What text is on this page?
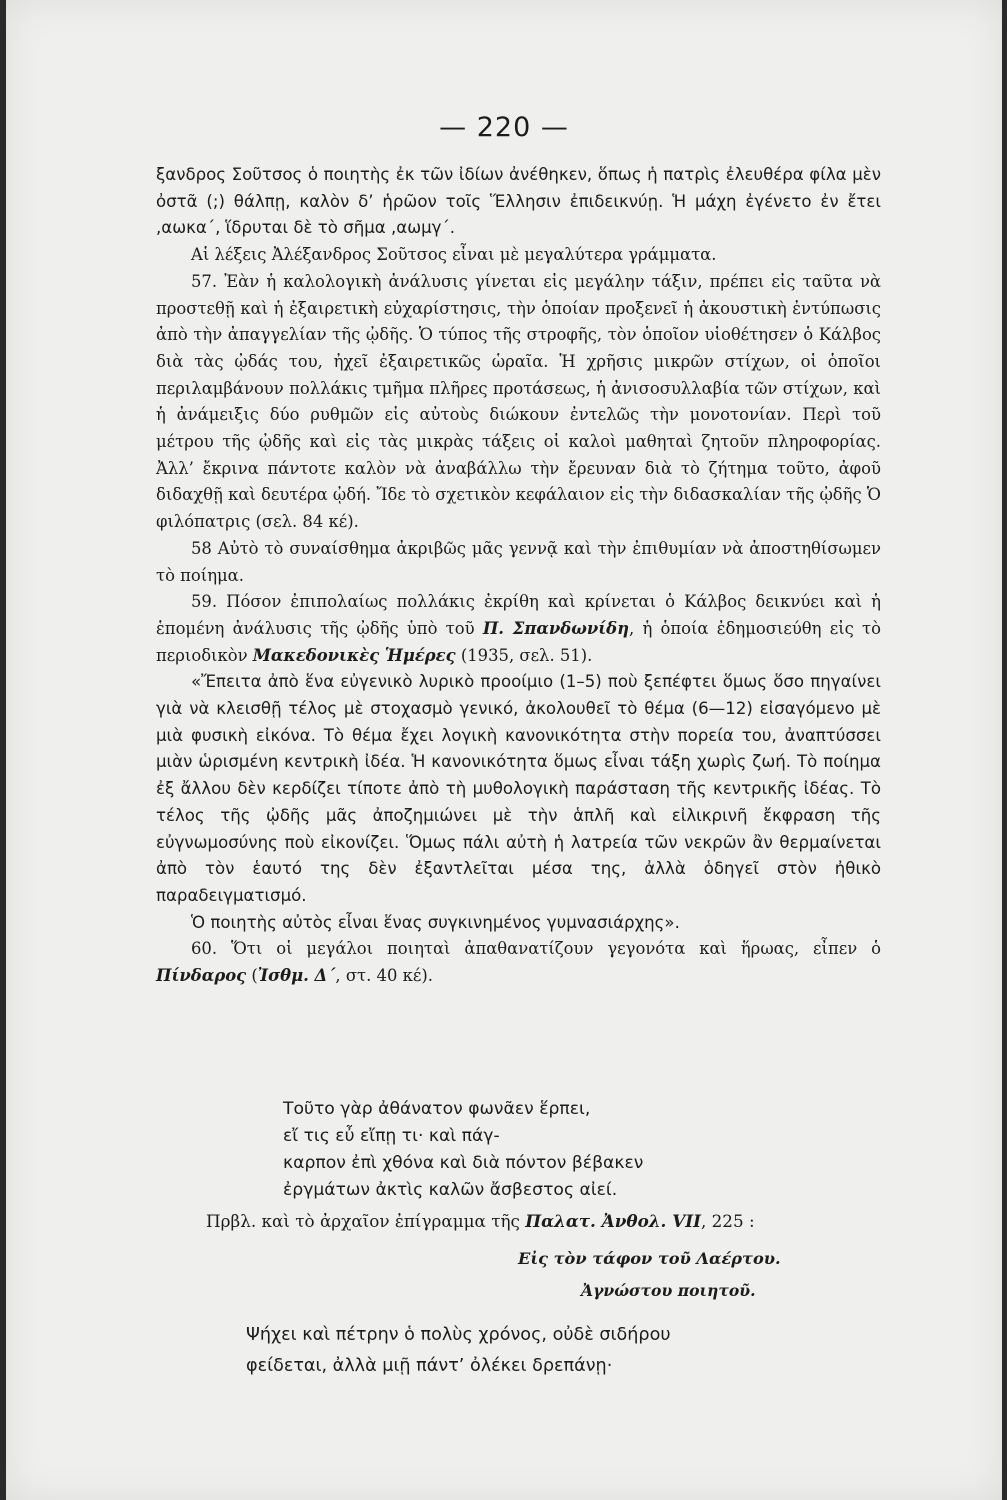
— 220 —

ξανδρος Σοῦτσος ὁ ποιητὴς ἐκ τῶν ἰδίων ἀνέθηκεν, ὅπως ἡ πατρὶς ἐλευθέρα φίλα μὲν ὀστᾶ (;) θάλπῃ, καλὸν δ’ ἡρῶον τοῖς Ἕλλησιν ἐπιδεικνύῃ. Ἡ μάχη ἐγένετο ἐν ἔτει ,αωκα΄, ἵδρυται δὲ τὸ σῆμα ,αωμγ΄.

Αἱ λέξεις Ἀλέξανδρος Σοῦτσος εἶναι μὲ μεγαλύτερα γράμματα.

57. Ἐὰν ἡ καλολογικὴ ἀνάλυσις γίνεται εἰς μεγάλην τάξιν, πρέπει εἰς ταῦτα νὰ προστεθῇ καὶ ἡ ἐξαιρετικὴ εὐχαρίστησις, τὴν ὁποίαν προξενεῖ ἡ ἀκουστικὴ ἐντύπωσις ἀπὸ τὴν ἀπαγγελίαν τῆς ᾠδῆς. Ὁ τύπος τῆς στροφῆς, τὸν ὁποῖον υἱοθέτησεν ὁ Κάλβος διὰ τὰς ᾠδάς του, ἠχεῖ ἐξαιρετικῶς ὡραῖα. Ἡ χρῆσις μικρῶν στίχων, οἱ ὁποῖοι περιλαμβάνουν πολλάκις τμῆμα πλῆρες προτάσεως, ἡ ἀνισοσυλλαβία τῶν στίχων, καὶ ἡ ἀνάμειξις δύο ρυθμῶν εἰς αὐτοὺς διώκουν ἐντελῶς τὴν μονοτονίαν. Περὶ τοῦ μέτρου τῆς ᾠδῆς καὶ εἰς τὰς μικρὰς τάξεις οἱ καλοὶ μαθηταὶ ζητοῦν πληροφορίας. Ἀλλ’ ἔκρινα πάντοτε καλὸν νὰ ἀναβάλλω τὴν ἔρευναν διὰ τὸ ζήτημα τοῦτο, ἀφοῦ διδαχθῇ καὶ δευτέρα ᾠδή. Ἴδε τὸ σχετικὸν κεφάλαιον εἰς τὴν διδασκαλίαν τῆς ᾠδῆς Ὁ φιλόπατρις (σελ. 84 κέ).

58 Αὐτὸ τὸ συναίσθημα ἀκριβῶς μᾶς γεννᾷ καὶ τὴν ἐπιθυμίαν νὰ ἀποστηθίσωμεν τὸ ποίημα.

59. Πόσον ἐπιπολαίως πολλάκις ἐκρίθη καὶ κρίνεται ὁ Κάλβος δεικνύει καὶ ἡ ἑπομένη ἀνάλυσις τῆς ᾠδῆς ὑπὸ τοῦ Π. Σπανδωνίδη, ἡ ὁποία ἐδημοσιεύθη εἰς τὸ περιοδικὸν Μακεδονικὲς Ἡμέρες (1935, σελ. 51).

«Ἔπειτα ἀπὸ ἕνα εὐγενικὸ λυρικὸ προοίμιο (1–5) ποὺ ξεπέφτει ὅμως ὅσο πηγαίνει γιὰ νὰ κλεισθῇ τέλος μὲ στοχασμὸ γενικό, ἀκολουθεῖ τὸ θέμα (6—12) εἰσαγόμενο μὲ μιὰ φυσικὴ εἰκόνα. Τὸ θέμα ἔχει λογικὴ κανονικότητα στὴν πορεία του, ἀναπτύσσει μιὰν ὡρισμένη κεντρικὴ ἰδέα. Ἡ κανονικότητα ὅμως εἶναι τάξη χωρὶς ζωή. Τὸ ποίημα ἐξ ἄλλου δὲν κερδίζει τίποτε ἀπὸ τὴ μυθολογικὴ παράσταση τῆς κεντρικῆς ἰδέας. Τὸ τέλος τῆς ᾠδῆς μᾶς ἀποζημιώνει μὲ τὴν ἁπλῆ καὶ εἰλικρινῆ ἔκφραση τῆς εὐγνωμοσύνης ποὺ εἰκονίζει. Ὅμως πάλι αὐτὴ ἡ λατρεία τῶν νεκρῶν ἂν θερμαίνεται ἀπὸ τὸν ἑαυτό της δὲν ἐξαντλεῖται μέσα της, ἀλλὰ ὁδηγεῖ στὸν ἠθικὸ παραδειγματισμό.

Ὁ ποιητὴς αὐτὸς εἶναι ἕνας συγκινημένος γυμνασιάρχης».

60. Ὅτι οἱ μεγάλοι ποιηταὶ ἀπαθανατίζουν γεγονότα καὶ ἥρωας, εἶπεν ὁ Πίνδαρος (Ἰσθμ. Δ΄, στ. 40 κέ).

Τοῦτο γὰρ ἀθάνατον φωνᾶεν ἕρπει,
εἴ τις εὖ εἴπῃ τι· καὶ πάγ-
καρπον ἐπὶ χθόνα καὶ διὰ πόντον βέβακεν
ἐργμάτων ἀκτὶς καλῶν ἄσβεστος αἰεί.
Πρβλ. καὶ τὸ ἀρχαῖον ἐπίγραμμα τῆς Παλατ. Ἀνθολ. VII, 225 :
Εἰς τὸν τάφον τοῦ Λαέρτου.
Ἀγνώστου ποιητοῦ.
Ψήχει καὶ πέτρην ὁ πολὺς χρόνος, οὐδὲ σιδήρου
φείδεται, ἀλλὰ μιῇ πάντ’ ὀλέκει δρεπάνῃ·
